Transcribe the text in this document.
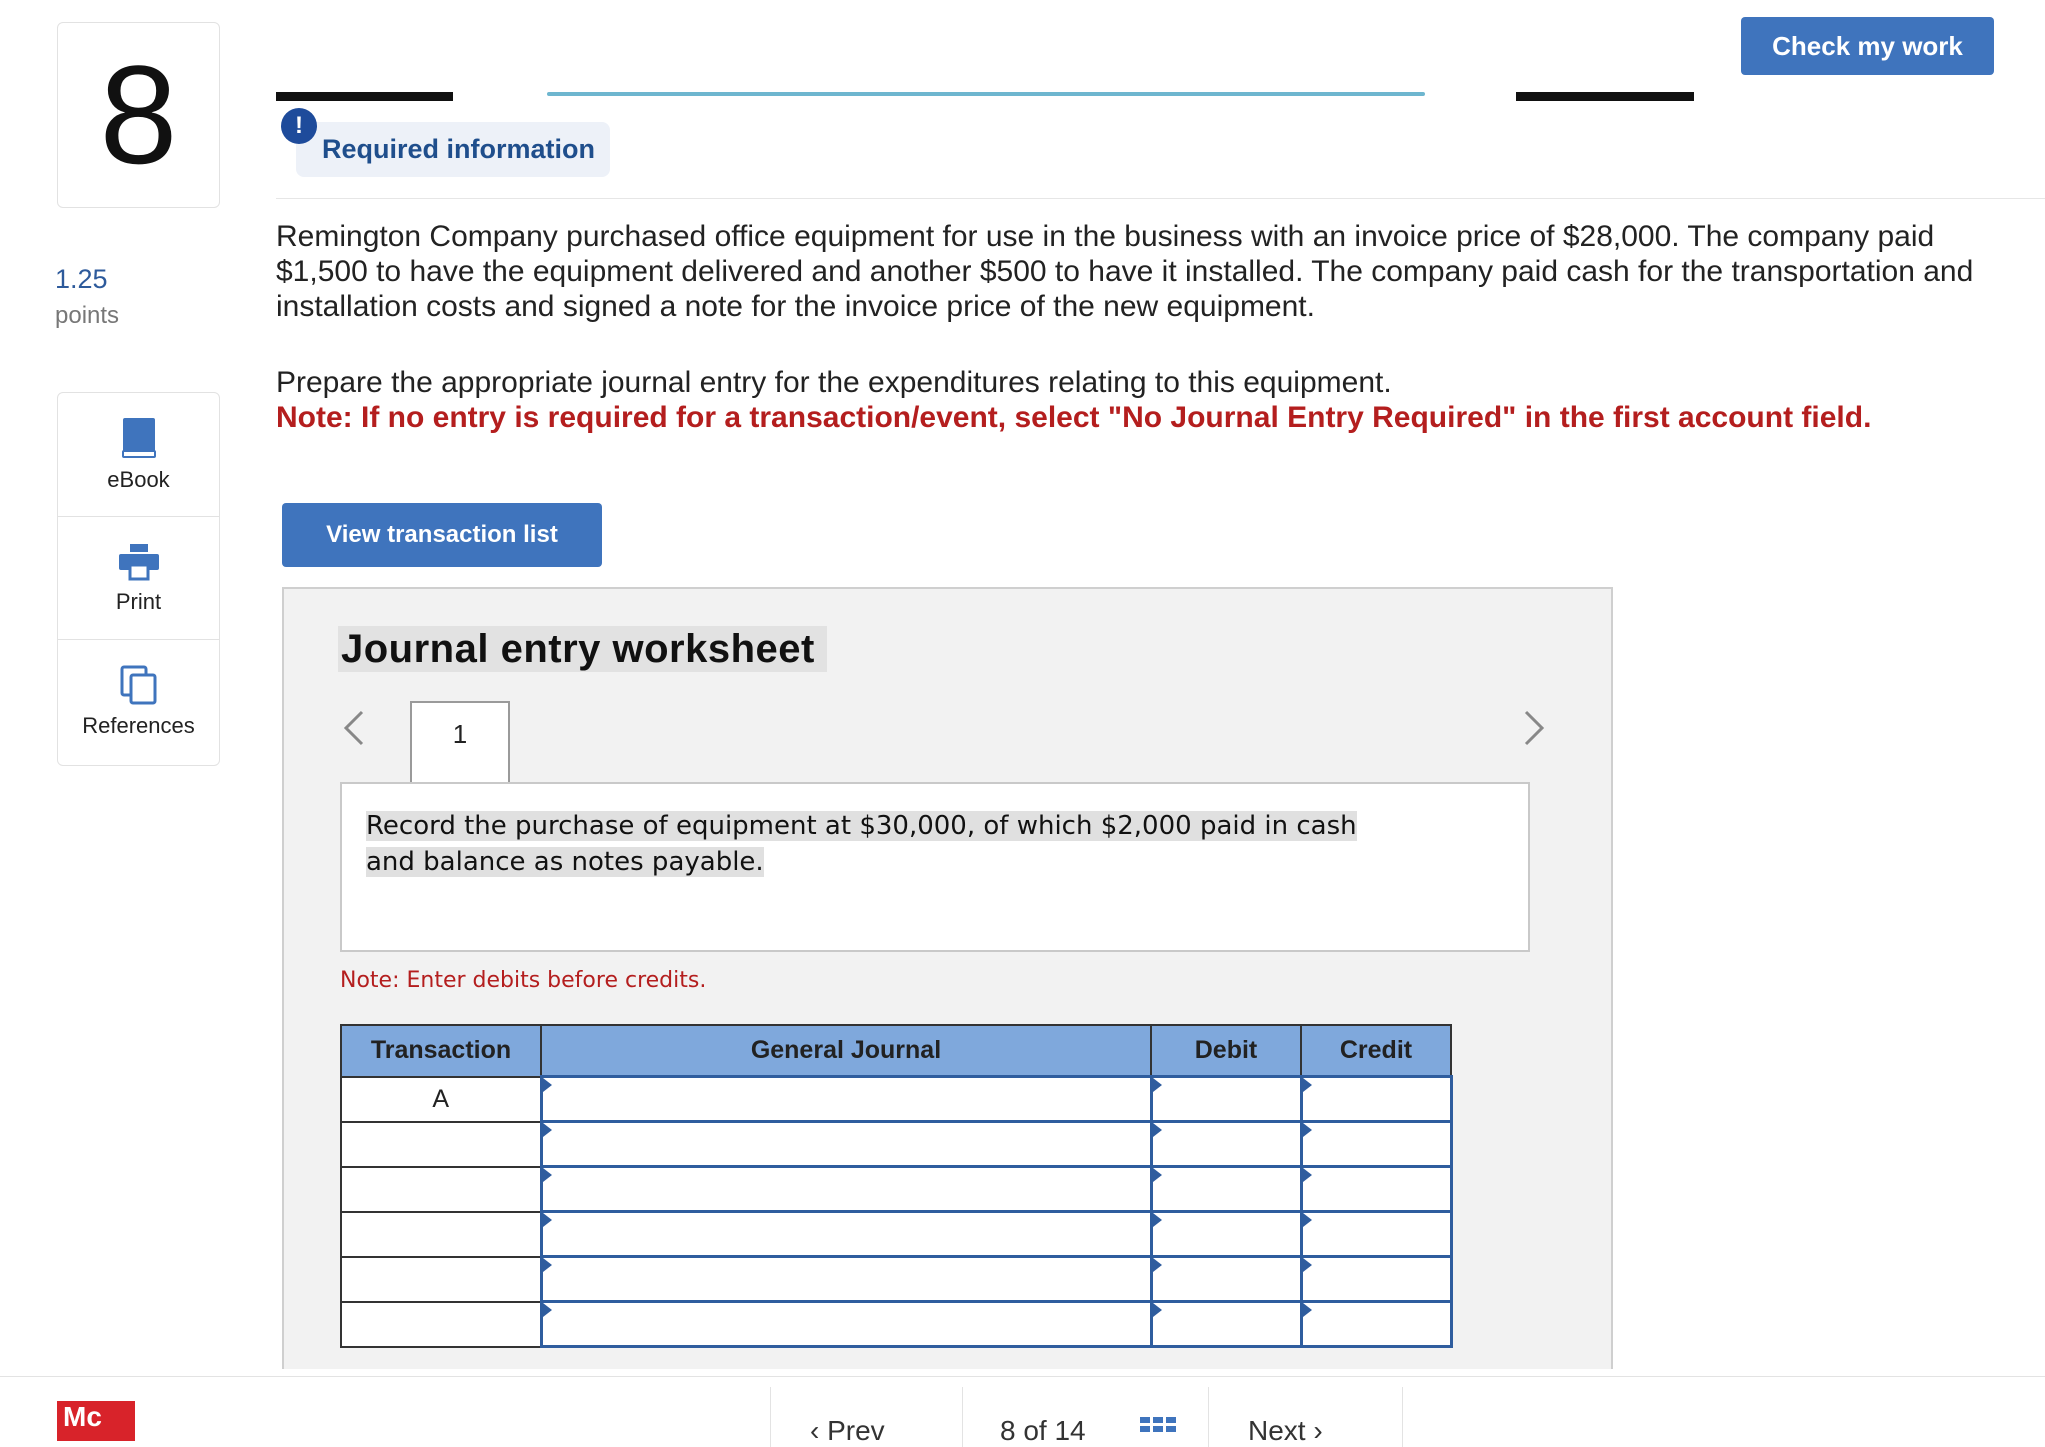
8
1.25
points
eBook
Print
References
Check my work
!
Required information
Remington Company purchased office equipment for use in the business with an invoice price of $28,000. The company paid $1,500 to have the equipment delivered and another $500 to have it installed. The company paid cash for the transportation and installation costs and signed a note for the invoice price of the new equipment.
Prepare the appropriate journal entry for the expenditures relating to this equipment.
Note: If no entry is required for a transaction/event, select "No Journal Entry Required" in the first account field.
View transaction list
Journal entry worksheet
1
Record the purchase of equipment at $30,000, of which $2,000 paid in cash
and balance as notes payable.
Note: Enter debits before credits.
Transaction	General Journal	Debit	Credit
A			

Mc	‹ Prev	8 of 14	Next ›
